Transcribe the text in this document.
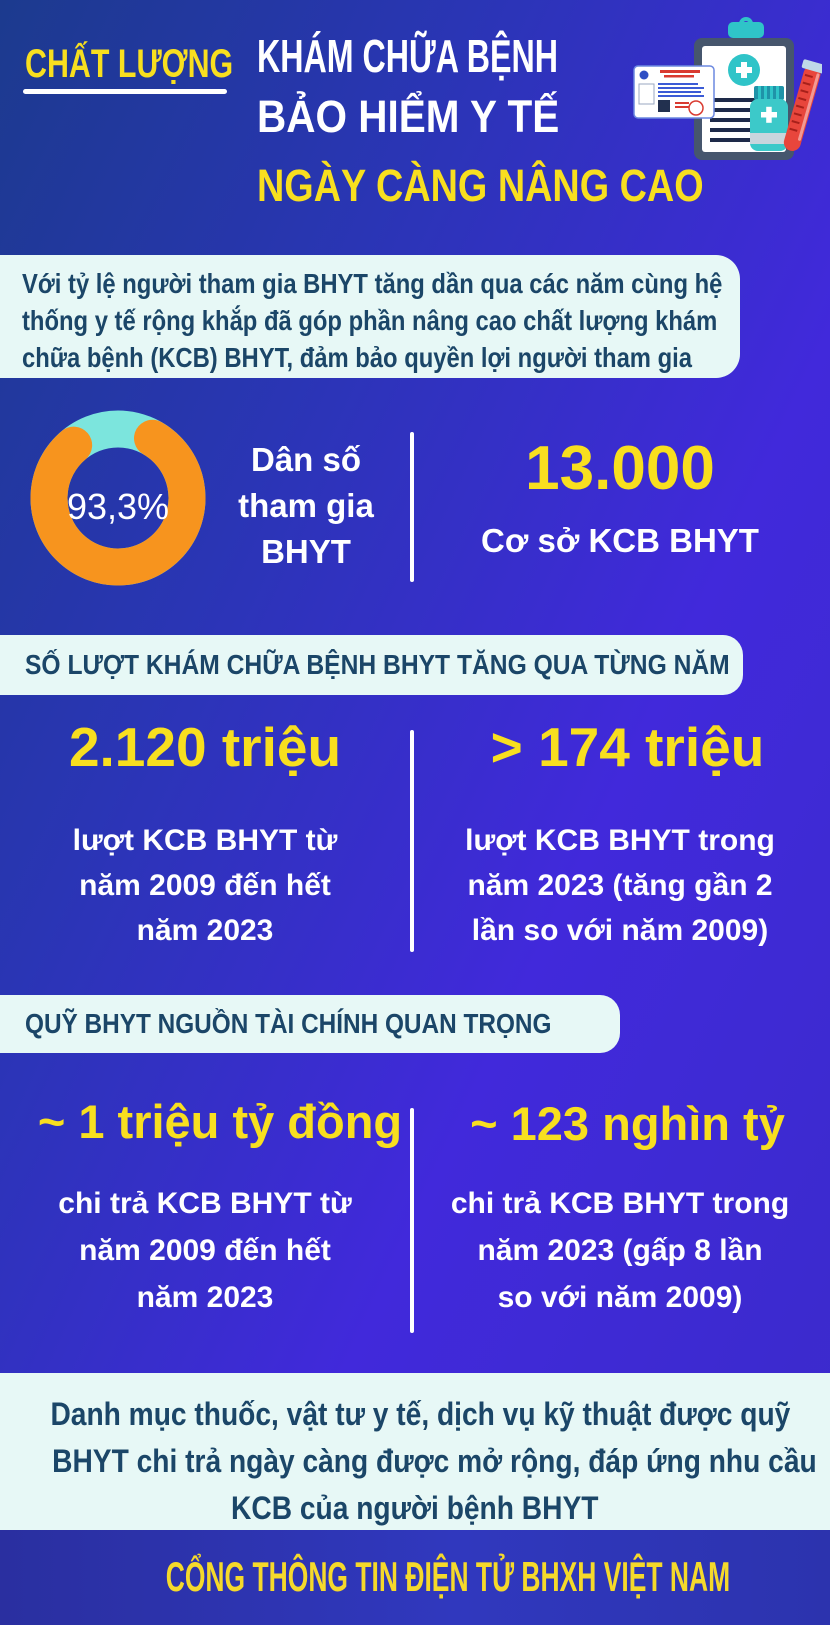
CHẤT LƯỢNG KHÁM CHỮA BỆNH
BẢO HIỂM Y TẾ
NGÀY CÀNG NÂNG CAO
Với tỷ lệ người tham gia BHYT tăng dần qua các năm cùng hệ
thống y tế rộng khắp đã góp phần nâng cao chất lượng khám
chữa bệnh (KCB) BHYT, đảm bảo quyền lợi người tham gia
93,3%
Dân số
tham gia
BHYT
13.000
Cơ sở KCB BHYT
SỐ LƯỢT KHÁM CHỮA BỆNH BHYT TĂNG QUA TỪNG NĂM
2.120 triệu
lượt KCB BHYT từ
năm 2009 đến hết
năm 2023
> 174 triệu
lượt KCB BHYT trong
năm 2023 (tăng gần 2
lần so với năm 2009)
QUỸ BHYT NGUỒN TÀI CHÍNH QUAN TRỌNG
~ 1 triệu tỷ đồng
chi trả KCB BHYT từ
năm 2009 đến hết
năm 2023
~ 123 nghìn tỷ
chi trả KCB BHYT trong
năm 2023 (gấp 8 lần
so với năm 2009)
Danh mục thuốc, vật tư y tế, dịch vụ kỹ thuật được quỹ
BHYT chi trả ngày càng được mở rộng, đáp ứng nhu cầu
KCB của người bệnh BHYT
CỔNG THÔNG TIN ĐIỆN TỬ BHXH VIỆT NAM
